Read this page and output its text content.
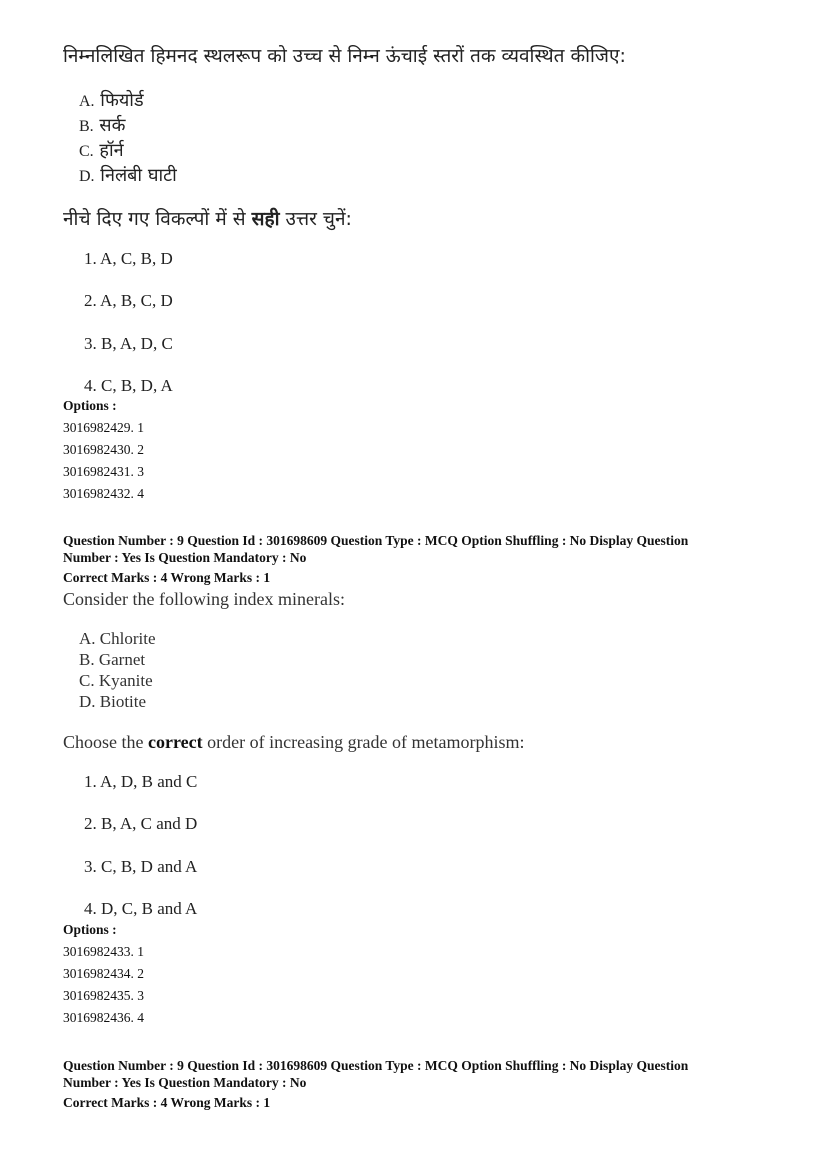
निम्नलिखित हिमनद स्थलरूप को उच्च से निम्न ऊंचाई स्तरों तक व्यवस्थित कीजिए:
A. फियोर्ड
B. सर्क
C. हॉर्न
D. निलंबी घाटी
नीचे दिए गए विकल्पों में से सही उत्तर चुनें:
1. A, C, B, D
2. A, B, C, D
3. B, A, D, C
4. C, B, D, A
Options :
3016982429. 1
3016982430. 2
3016982431. 3
3016982432. 4
Question Number : 9 Question Id : 301698609 Question Type : MCQ Option Shuffling : No Display Question
Number : Yes Is Question Mandatory : No
Correct Marks : 4 Wrong Marks : 1
Consider the following index minerals:
A. Chlorite
B. Garnet
C. Kyanite
D. Biotite
Choose the correct order of increasing grade of metamorphism:
1. A, D, B and C
2. B, A, C and D
3. C, B, D and A
4. D, C, B and A
Options :
3016982433. 1
3016982434. 2
3016982435. 3
3016982436. 4
Question Number : 9 Question Id : 301698609 Question Type : MCQ Option Shuffling : No Display Question
Number : Yes Is Question Mandatory : No
Correct Marks : 4 Wrong Marks : 1
